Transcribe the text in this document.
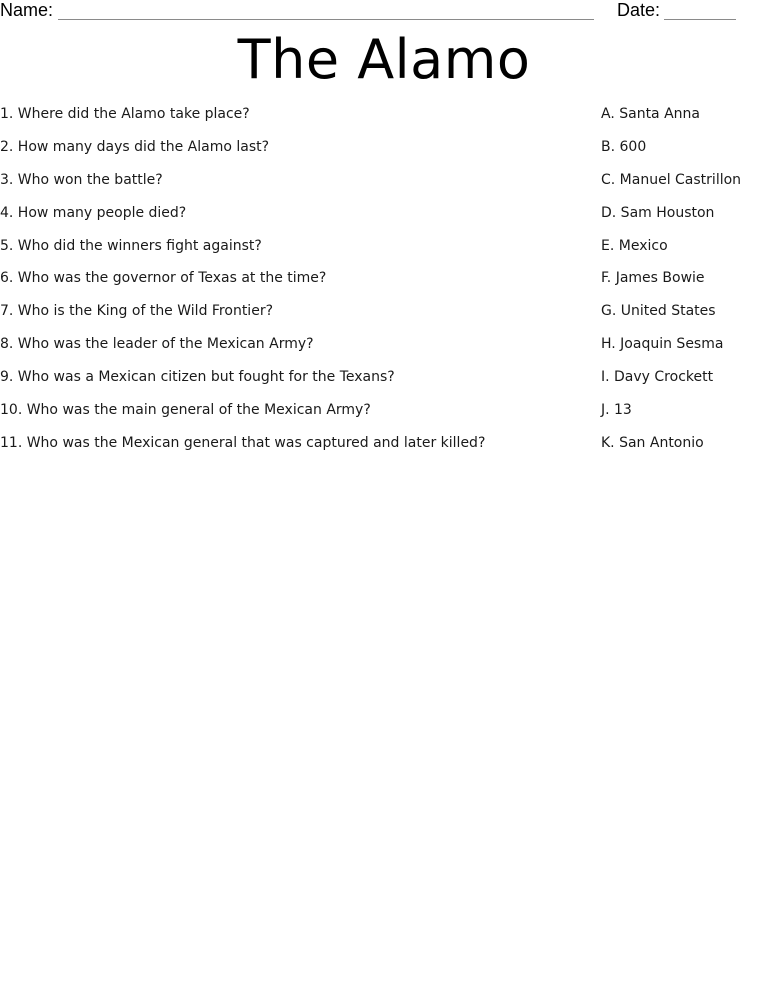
Name:	Date:
The Alamo
1. Where did the Alamo take place?	A. Santa Anna
2. How many days did the Alamo last?	B. 600
3. Who won the battle?	C. Manuel Castrillon
4. How many people died?	D. Sam Houston
5. Who did the winners fight against?	E. Mexico
6. Who was the governor of Texas at the time?	F. James Bowie
7. Who is the King of the Wild Frontier?	G. United States
8. Who was the leader of the Mexican Army?	H. Joaquin Sesma
9. Who was a Mexican citizen but fought for the Texans?	I. Davy Crockett
10. Who was the main general of the Mexican Army?	J. 13
11. Who was the Mexican general that was captured and later killed?	K. San Antonio
